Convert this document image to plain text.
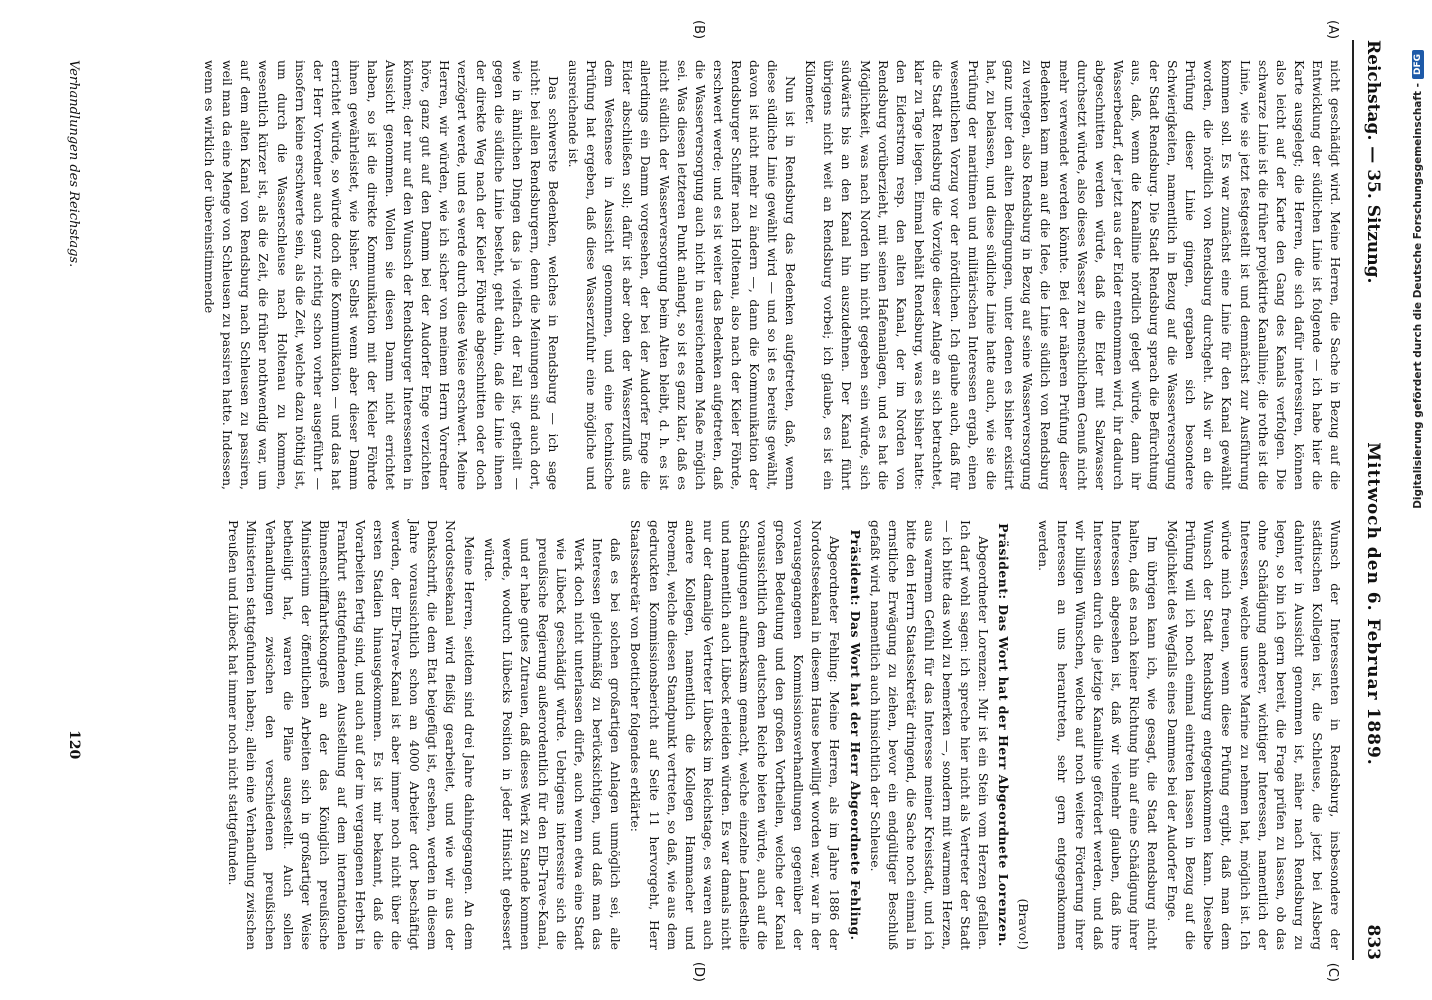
Reichstag. — 35. Sitzung.
Mittwoch den 6. Februar 1889.
833
(A)
(B)
(C)
(D)

nicht geschädigt wird. Meine Herren, die Sache in Bezug auf die Entwicklung der südlichen Linie ist folgende — ich habe hier die Karte ausgelegt; die Herren, die sich dafür interessiren, können also leicht auf der Karte den Gang des Kanals verfolgen. Die schwarze Linie ist die früher projektirte Kanallinie; die rothe ist die Linie, wie sie jetzt festgestellt ist und demnächst zur Ausführung kommen soll. Es war zunächst eine Linie für den Kanal gewählt worden, die nördlich von Rendsburg durchgeht. Als wir an die Prüfung dieser Linie gingen, ergaben sich besondere Schwierigkeiten, namentlich in Bezug auf die Wasserversorgung der Stadt Rendsburg. Die Stadt Rendsburg sprach die Befürchtung aus, daß, wenn die Kanallinie nördlich gelegt würde, dann ihr Wasserbedarf, der jetzt aus der Eider entnommen wird, ihr dadurch abgeschnitten werden würde, daß die Eider mit Salzwasser durchsetzt würde, also dieses Wasser zu menschlichem Genuß nicht mehr verwendet werden könnte. Bei der näheren Prüfung dieser Bedenken kam man auf die Idee, die Linie südlich von Rendsburg zu verlegen, also Rendsburg in Bezug auf seine Wasserversorgung ganz unter den alten Bedingungen, unter denen es bisher existirt hat, zu belassen, und diese südliche Linie hatte auch, wie sie die Prüfung der maritimen und militärischen Interessen ergab, einen wesentlichen Vorzug vor der nördlichen. Ich glaube auch, daß für die Stadt Rendsburg die Vorzüge dieser Anlage an sich betrachtet, klar zu Tage liegen. Einmal behält Rendsburg, was es bisher hatte: den Eiderstrom resp. den alten Kanal, der im Norden von Rendsburg vorüberzieht, mit seinen Hafenanlagen, und es hat die Möglichkeit, was nach Norden hin nicht gegeben sein würde, sich südwärts bis an den Kanal hin auszudehnen. Der Kanal führt übrigens nicht weit an Rendsburg vorbei; ich glaube, es ist ein Kilometer.

Nun ist in Rendsburg das Bedenken aufgetreten, daß, wenn diese südliche Linie gewählt wird — und so ist es bereits gewählt, davon ist nicht mehr zu ändern —, dann die Kommunikation der Rendsburger Schiffer nach Holtenau, also nach der Kieler Föhrde, erschwert werde; und es ist weiter das Bedenken aufgetreten, daß die Wasserversorgung auch nicht in ausreichendem Maße möglich sei. Was diesen letzteren Punkt anlangt, so ist es ganz klar, daß es nicht südlich der Wasserversorgung beim Alten bleibt, d. h. es ist allerdings ein Damm vorgesehen, der bei der Audorfer Enge die Eider abschließen soll; dafür ist aber oben der Wasserzufluß aus dem Westensee in Aussicht genommen, und eine technische Prüfung hat ergeben, daß diese Wasserzufuhr eine mögliche und ausreichende ist.

Das schwerste Bedenken, welches in Rendsburg — ich sage nicht: bei allen Rendsburgern, denn die Meinungen sind auch dort, wie in ähnlichen Dingen das ja vielfach der Fall ist, getheilt — gegen die südliche Linie besteht, geht dahin, daß die Linie ihnen der direkte Weg nach der Kieler Föhrde abgeschnitten oder doch verzögert werde, und es werde durch diese Weise erschwert. Meine Herren, wir würden, wie ich sicher von meinem Herrn Vorredner höre, ganz gut auf den Damm bei der Audorfer Enge verzichten können; der nur auf den Wunsch der Rendsburger Interessenten in Aussicht genommen. Wollen sie diesen Damm nicht errichtet haben, so ist die direkte Kommunikation mit der Kieler Föhrde ihnen gewährleistet, wie bisher. Selbst wenn aber dieser Damm errichtet würde, so würde doch die Kommunikation — und das hat der Herr Vorredner auch ganz richtig schon vorher ausgeführt — insofern keine erschwerte sein, als die Zeit, welche dazu nöthig ist, um durch die Wasserschleuse nach Holtenau zu kommen, wesentlich kürzer ist, als die Zeit, die früher nothwendig war, um auf dem alten Kanal von Rendsburg nach Schleusen zu passiren, weil man da eine Menge von Schleusen zu passiren hatte. Indessen, wenn es wirklich der übereinstimmende

Wunsch der Interessenten in Rendsburg, insbesondere der städtischen Kollegien ist, die Schleuse, die jetzt bei Alsberg dahinter in Aussicht genommen ist, näher nach Rendsburg zu legen, so bin ich gern bereit, die Frage prüfen zu lassen, ob das ohne Schädigung anderer, wichtiger Interessen, namentlich der Interessen, welche unsere Marine zu nehmen hat, möglich ist. Ich würde mich freuen, wenn diese Prüfung ergibt, daß man dem Wunsch der Stadt Rendsburg entgegenkommen kann. Dieselbe Prüfung will ich noch einmal eintreten lassen in Bezug auf die Möglichkeit des Wegfalls eines Dammes bei der Audorfer Enge.

Im übrigen kann ich, wie gesagt, die Stadt Rendsburg nicht halten, daß es nach keiner Richtung hin auf eine Schädigung ihrer Interessen abgesehen ist, daß wir vielmehr glauben, daß ihre Interessen durch die jetzige Kanallinie gefördert werden, und daß wir billigen Wünschen, welche auf noch weitere Förderung ihrer Interessen an uns herantreten, sehr gern entgegenkommen werden.

(Bravo!)

Präsident: Das Wort hat der Herr Abgeordnete Lorenzen.

Abgeordneter Lorenzen: Mir ist ein Stein vom Herzen gefallen. Ich darf wohl sagen: ich spreche hier nicht als Vertreter der Stadt — ich bitte das wohl zu bemerken —, sondern mit warmem Herzen, aus warmem Gefühl für das Interesse meiner Kreisstadt, und ich bitte den Herrn Staatssekretär dringend, die Sache noch einmal in ernstliche Erwägung zu ziehen, bevor ein endgültiger Beschluß gefaßt wird, namentlich auch hinsichtlich der Schleuse.

Präsident: Das Wort hat der Herr Abgeordnete Fehling.

Abgeordneter Fehling: Meine Herren, als im Jahre 1886 der Nordostseekanal in diesem Hause bewilligt worden war, war in der vorausgegangenen Kommissionsverhandlungen gegenüber der großen Bedeutung und den großen Vortheilen, welche der Kanal voraussichtlich dem deutschen Reiche bieten würde, auch auf die Schädigungen aufmerksam gemacht, welche einzelne Landestheile und namentlich auch Lübeck erleiden würden. Es war damals nicht nur der damalige Vertreter Lübecks im Reichstage, es waren auch andere Kollegen, namentlich die Kollegen Hammacher und Broemel, welche diesen Standpunkt vertreten, so daß, wie aus dem gedruckten Kommissionsbericht auf Seite 11 hervorgeht, Herr Staatssekretär von Boetticher folgendes erklärte:

daß es bei solchen großartigen Anlagen unmöglich sei, alle Interessen gleichmäßig zu berücksichtigen, und daß man das Werk doch nicht unterlassen dürfe, auch wenn etwa eine Stadt wie Lübeck geschädigt würde. Uebrigens interessire sich die preußische Regierung außerordentlich für den Elb-Trave-Kanal, und er habe gutes Zutrauen, daß dieses Werk zu Stande kommen werde, wodurch Lübecks Position in jeder Hinsicht gebessert würde.

Meine Herren, seitdem sind drei Jahre dahingegangen. An dem Nordostseekanal wird fleißig gearbeitet, und wie wir aus der Denkschrift, die dem Etat beigefügt ist, ersehen, werden in diesem Jahre voraussichtlich schon an 4000 Arbeiter dort beschäftigt werden, der Elb-Trave-Kanal ist aber immer noch nicht über die ersten Stadien hinausgekommen. Es ist mir bekannt, daß die Vorarbeiten fertig sind, und auch auf der im vergangenen Herbst in Frankfurt stattgefundenen Ausstellung auf dem internationalen Binnenschifffahrtskongreß an der das Königlich preußische Ministerium der öffentlichen Arbeiten sich in großartiger Weise betheiligt hat, waren die Pläne ausgestellt. Auch sollen Verhandlungen zwischen den verschiedenen preußischen Ministerien stattgefunden haben; allein eine Verhandlung zwischen Preußen und Lübeck hat immer noch nicht stattgefunden.

Verhandlungen des Reichstags.
120
Digitalisierung gefördert durch die Deutsche Forschungsgemeinschaft -
DFG
